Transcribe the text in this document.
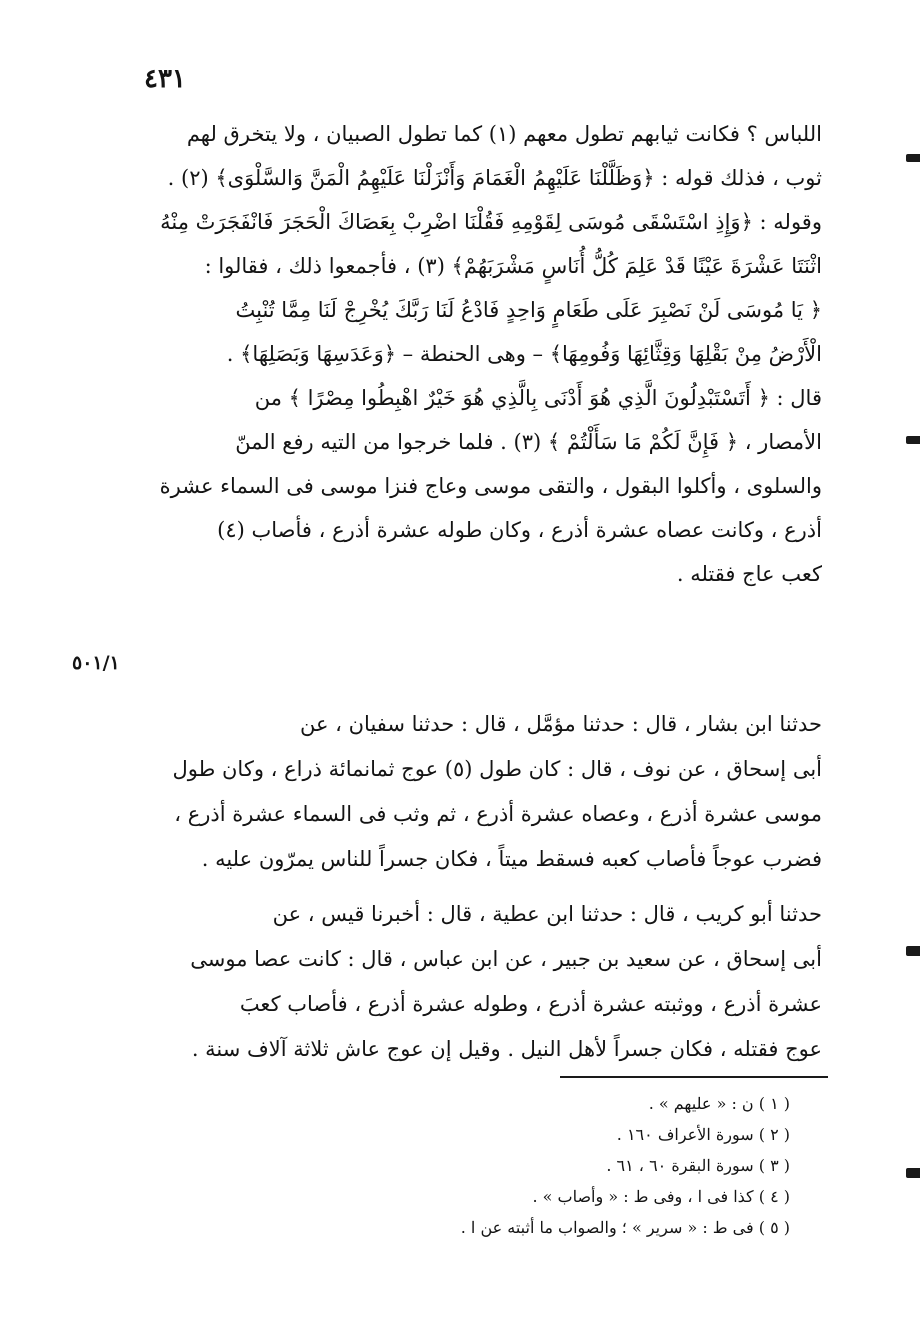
٤٣١
اللباس ؟ فكانت ثيابهم تطول معهم (١) كما تطول الصبيان ، ولا يتخرق لهم
ثوب ، فذلك قوله : ﴿وَظَلَّلْنَا عَلَيْهِمُ الْغَمَامَ وَأَنْزَلْنَا عَلَيْهِمُ الْمَنَّ وَالسَّلْوَى﴾ (٢) .
وقوله : ﴿وَإِذِ اسْتَسْقَى مُوسَى لِقَوْمِهِ فَقُلْنَا اضْرِبْ بِعَصَاكَ الْحَجَرَ فَانْفَجَرَتْ مِنْهُ
اثْنَتَا عَشْرَةَ عَيْنًا قَدْ عَلِمَ كُلُّ أُنَاسٍ مَشْرَبَهُمْ﴾ (٣) ، فأجمعوا ذلك ، فقالوا :
﴿ يَا مُوسَى لَنْ نَصْبِرَ عَلَى طَعَامٍ وَاحِدٍ فَادْعُ لَنَا رَبَّكَ يُخْرِجْ لَنَا مِمَّا تُنْبِتُ
الْأَرْضُ مِنْ بَقْلِهَا وَقِثَّائِهَا وَفُومِهَا﴾ – وهى الحنطة – ﴿وَعَدَسِهَا وَبَصَلِهَا﴾ .
قال : ﴿ أَتَسْتَبْدِلُونَ الَّذِي هُوَ أَدْنَى بِالَّذِي هُوَ خَيْرٌ اهْبِطُوا مِصْرًا ﴾ من
الأمصار ، ﴿ فَإِنَّ لَكُمْ مَا سَأَلْتُمْ ﴾ (٣) . فلما خرجوا من التيه رفع المنّ
والسلوى ، وأكلوا البقول ، والتقى موسى وعاج فنزا موسى فى السماء عشرة
أذرع ، وكانت عصاه عشرة أذرع ، وكان طوله عشرة أذرع ، فأصاب (٤)
كعب عاج فقتله .
٥٠١/١
حدثنا ابن بشار ، قال : حدثنا مؤمَّل ، قال : حدثنا سفيان ، عن
أبى إسحاق ، عن نوف ، قال : كان طول (٥) عوج ثمانمائة ذراع ، وكان طول
موسى عشرة أذرع ، وعصاه عشرة أذرع ، ثم وثب فى السماء عشرة أذرع ،
فضرب عوجاً فأصاب كعبه فسقط ميتاً ، فكان جسراً للناس يمرّون عليه .
حدثنا أبو كريب ، قال : حدثنا ابن عطية ، قال : أخبرنا قيس ، عن
أبى إسحاق ، عن سعيد بن جبير ، عن ابن عباس ، قال : كانت عصا موسى
عشرة أذرع ، ووثبته عشرة أذرع ، وطوله عشرة أذرع ، فأصاب كعبَ
عوج فقتله ، فكان جسراً لأهل النيل . وقيل إن عوج عاش ثلاثة آلاف سنة .
( ١ ) ن : « عليهم » .
( ٢ ) سورة الأعراف ١٦٠ .
( ٣ ) سورة البقرة ٦٠ ، ٦١ .
( ٤ ) كذا فى ا ، وفى ط : « وأصاب » .
( ٥ ) فى ط : « سرير » ؛ والصواب ما أثبته عن ا .
